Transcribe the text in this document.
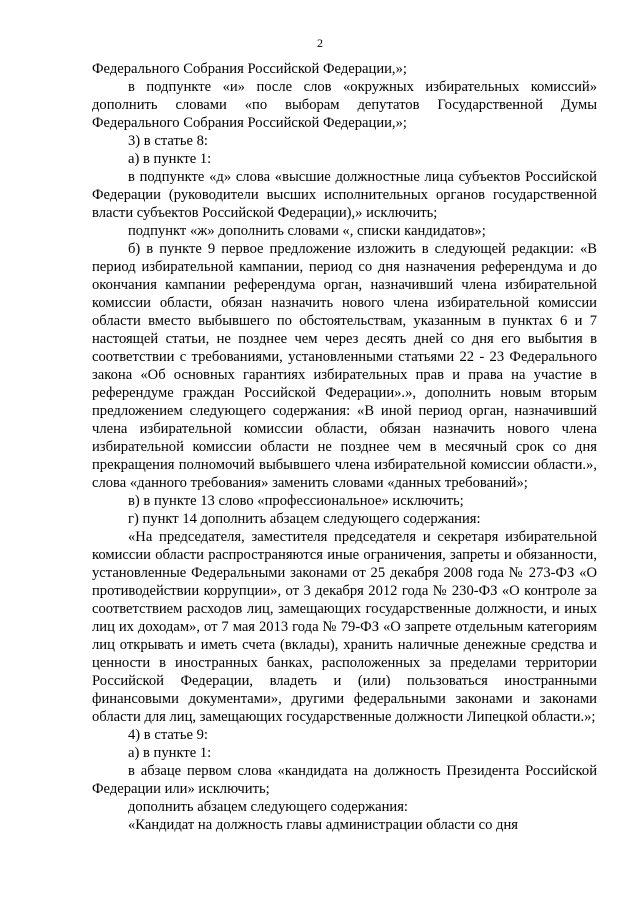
2

Федерального Собрания Российской Федерации,»;

в подпункте «и» после слов «окружных избирательных комиссий» дополнить словами «по выборам депутатов Государственной Думы Федерального Собрания Российской Федерации,»;

3) в статье 8:

а) в пункте 1:

в подпункте «д» слова «высшие должностные лица субъектов Российской Федерации (руководители высших исполнительных органов государственной власти субъектов Российской Федерации),» исключить;

подпункт «ж» дополнить словами «, списки кандидатов»;

б) в пункте 9 первое предложение изложить в следующей редакции: «В период избирательной кампании, период со дня назначения референдума и до окончания кампании референдума орган, назначивший члена избирательной комиссии области, обязан назначить нового члена избирательной комиссии области вместо выбывшего по обстоятельствам, указанным в пунктах 6 и 7 настоящей статьи, не позднее чем через десять дней со дня его выбытия в соответствии с требованиями, установленными статьями 22 - 23 Федерального закона «Об основных гарантиях избирательных прав и права на участие в референдуме граждан Российской Федерации».», дополнить новым вторым предложением следующего содержания: «В иной период орган, назначивший члена избирательной комиссии области, обязан назначить нового члена избирательной комиссии области не позднее чем в месячный срок со дня прекращения полномочий выбывшего члена избирательной комиссии области.», слова «данного требования» заменить словами «данных требований»;

в) в пункте 13 слово «профессиональное» исключить;

г) пункт 14 дополнить абзацем следующего содержания:

«На председателя, заместителя председателя и секретаря избирательной комиссии области распространяются иные ограничения, запреты и обязанности, установленные Федеральными законами от 25 декабря 2008 года № 273-ФЗ «О противодействии коррупции», от 3 декабря 2012 года № 230-ФЗ «О контроле за соответствием расходов лиц, замещающих государственные должности, и иных лиц их доходам», от 7 мая 2013 года № 79-ФЗ «О запрете отдельным категориям лиц открывать и иметь счета (вклады), хранить наличные денежные средства и ценности в иностранных банках, расположенных за пределами территории Российской Федерации, владеть и (или) пользоваться иностранными финансовыми документами», другими федеральными законами и законами области для лиц, замещающих государственные должности Липецкой области.»;

4) в статье 9:

а) в пункте 1:

в абзаце первом слова «кандидата на должность Президента Российской Федерации или» исключить;

дополнить абзацем следующего содержания:

«Кандидат на должность главы администрации области со дня
